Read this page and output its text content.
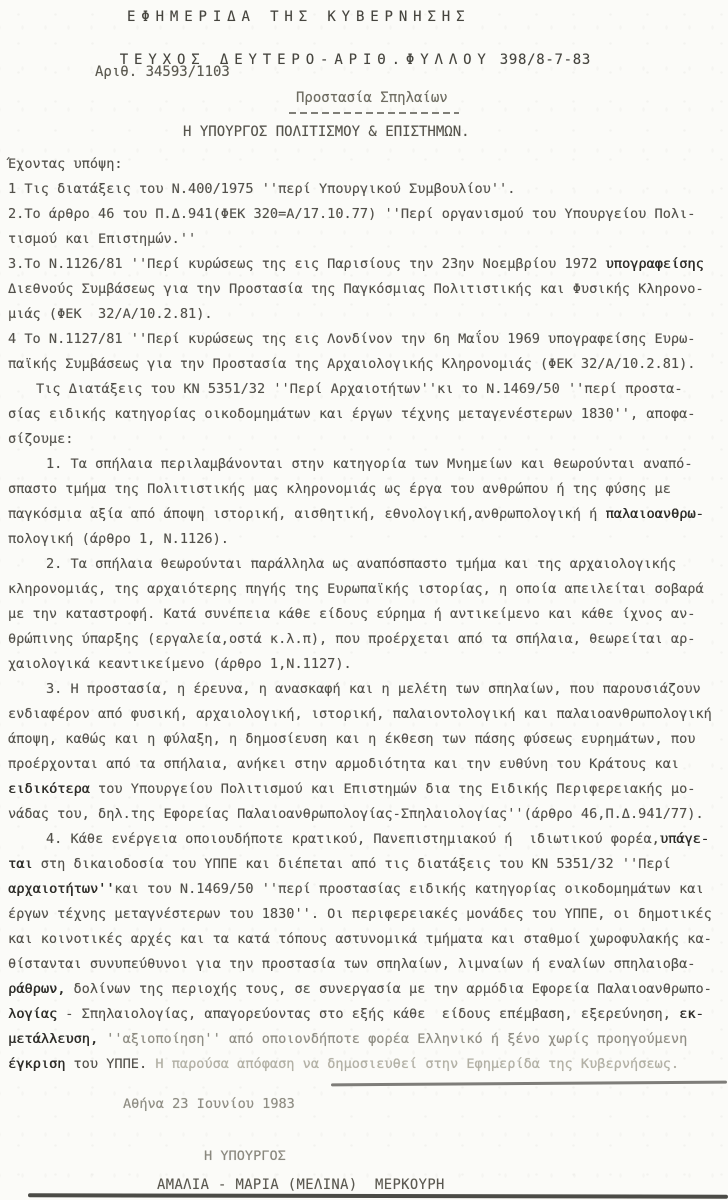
ΕΦΗΜΕΡΙΔΑ ΤΗΣ ΚΥΒΕΡΝΗΣΗΣ

ΤΕΥΧΟΣ ΔΕΥΤΕΡΟ-ΑΡΙΘ.ΦΥΛΛΟΥ 398/8-7-83

Αριθ. 34593/1103
Προστασία Σπηλαίων
Η ΥΠΟΥΡΓΟΣ ΠΟΛΙΤΙΣΜΟΥ & ΕΠΙΣΤΗΜΩΝ.
Έχοντας υπόψη:
1 Τις διατάξεις του Ν.400/1975 ''περί Υπουργικού Συμβουλίου''.
2.Το άρθρο 46 του Π.Δ.941(ΦΕΚ 320=Α/17.10.77) ''Περί οργανισμού του Υπουργείου Πολι-
τισμού και Επιστημών.''
3.Το Ν.1126/81 ''Περί κυρώσεως της εις Παρισίους την 23ην Νοεμβρίου 1972 υπογραφείσης
Διεθνούς Συμβάσεως για την Προστασία της Παγκόσμιας Πολιτιστικής και Φυσικής Κληρονο-
μιάς (ΦΕΚ  32/Α/10.2.81).
4 Το Ν.1127/81 ''Περί κυρώσεως της εις Λονδίνον την 6η Μαΐου 1969 υπογραφείσης Ευρω-
παϊκής Συμβάσεως για την Προστασία της Αρχαιολογικής Κληρονομιάς (ΦΕΚ 32/Α/10.2.81).
Τις Διατάξεις του ΚΝ 5351/32 ''Περί Αρχαιοτήτων''κι το Ν.1469/50 ''περί προστα-
σίας ειδικής κατηγορίας οικοδομημάτων και έργων τέχνης μεταγενέστερων 1830'', αποφα-
σίζουμε:
1. Τα σπήλαια περιλαμβάνονται στην κατηγορία των Μνημείων και θεωρούνται αναπό-
σπαστο τμήμα της Πολιτιστικής μας κληρονομιάς ως έργα του ανθρώπου ή της φύσης με
παγκόσμια αξία από άποψη ιστορική, αισθητική, εθνολογική,ανθρωπολογική ή παλαιοανθρω-
πολογική (άρθρο 1, Ν.1126).
2. Τα σπήλαια θεωρούνται παράλληλα ως αναπόσπαστο τμήμα και της αρχαιολογικής
κληρονομιάς, της αρχαιότερης πηγής της Ευρωπαϊκής ιστορίας, η οποία απειλείται σοβαρά
με την καταστροφή. Κατά συνέπεια κάθε είδους εύρημα ή αντικείμενο και κάθε ίχνος αν-
θρώπινης ύπαρξης (εργαλεία,οστά κ.λ.π), που προέρχεται από τα σπήλαια, θεωρείται αρ-
χαιολογικά κεαντικείμενο (άρθρο 1,Ν.1127).
3. Η προστασία, η έρευνα, η ανασκαφή και η μελέτη των σπηλαίων, που παρουσιάζουν
ενδιαφέρον από φυσική, αρχαιολογική, ιστορική, παλαιοντολογική και παλαιοανθρωπολογική
άποψη, καθώς και η φύλαξη, η δημοσίευση και η έκθεση των πάσης φύσεως ευρημάτων, που
προέρχονται από τα σπήλαια, ανήκει στην αρμοδιότητα και την ευθύνη του Κράτους και
ειδικότερα του Υπουργείου Πολιτισμού και Επιστημών δια της Ειδικής Περιφερειακής μο-
νάδας του, δηλ.της Εφορείας Παλαιοανθρωπολογίας-Σπηλαιολογίας''(άρθρο 46,Π.Δ.941/77).
4. Κάθε ενέργεια οποιουδήποτε κρατικού, Πανεπιστημιακού ή  ιδιωτικού φορέα,υπάγε-
ται στη δικαιοδοσία του ΥΠΠΕ και διέπεται από τις διατάξεις του ΚΝ 5351/32 ''Περί
αρχαιοτήτων''και του Ν.1469/50 ''περί προστασίας ειδικής κατηγορίας οικοδομημάτων και
έργων τέχνης μεταγνέστερων του 1830''. Οι περιφερειακές μονάδες του ΥΠΠΕ, οι δημοτικές
και κοινοτικές αρχές και τα κατά τόπους αστυνομικά τμήματα και σταθμοί χωροφυλακής κα-
θίστανται συνυπεύθυνοι για την προστασία των σπηλαίων, λιμναίων ή εναλίων σπηλαιοβα-
ράθρων, δολίνων της περιοχής τους, σε συνεργασία με την αρμόδια Εφορεία Παλαιοανθρωπο-
λογίας - Σπηλαιολογίας, απαγορεύοντας στο εξής κάθε  είδους επέμβαση, εξερεύνηση, εκ-
μετάλλευση, ''αξιοποίηση'' από οποιονδήποτε φορέα Ελληνικό ή ξένο χωρίς προηγούμενη
έγκριση του ΥΠΠΕ. Η παρούσα απόφαση να δημοσιευθεί στην Εφημερίδα της Κυβερνήσεως.
Αθήνα 23 Ιουνίου 1983
Η ΥΠΟΥΡΓΟΣ
ΑΜΑΛΙΑ - ΜΑΡΙΑ (ΜΕΛΙΝΑ)  ΜΕΡΚΟΥΡΗ
